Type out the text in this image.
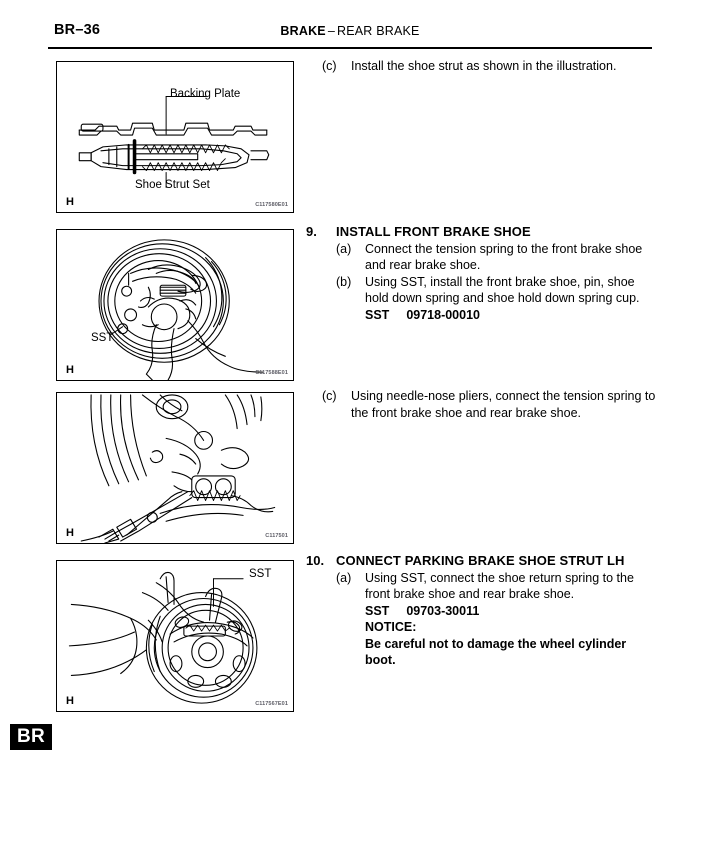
BR–36	BRAKE – REAR BRAKE
Backing Plate
Shoe Strut Set
H	C117580E01
SST
H	C117588E01
H	C117501
SST
H	C117567E01
(c)	Install the shoe strut as shown in the illustration.
9.	INSTALL FRONT BRAKE SHOE
(a)	Connect the tension spring to the front brake shoe and rear brake shoe.
(b)	Using SST, install the front brake shoe, pin, shoe hold down spring and shoe hold down spring cup.
SST 09718-00010
(c)	Using needle-nose pliers, connect the tension spring to the front brake shoe and rear brake shoe.
10. CONNECT PARKING BRAKE SHOE STRUT LH
(a)	Using SST, connect the shoe return spring to the front brake shoe and rear brake shoe.
SST 09703-30011
NOTICE:
Be careful not to damage the wheel cylinder boot.
BR
